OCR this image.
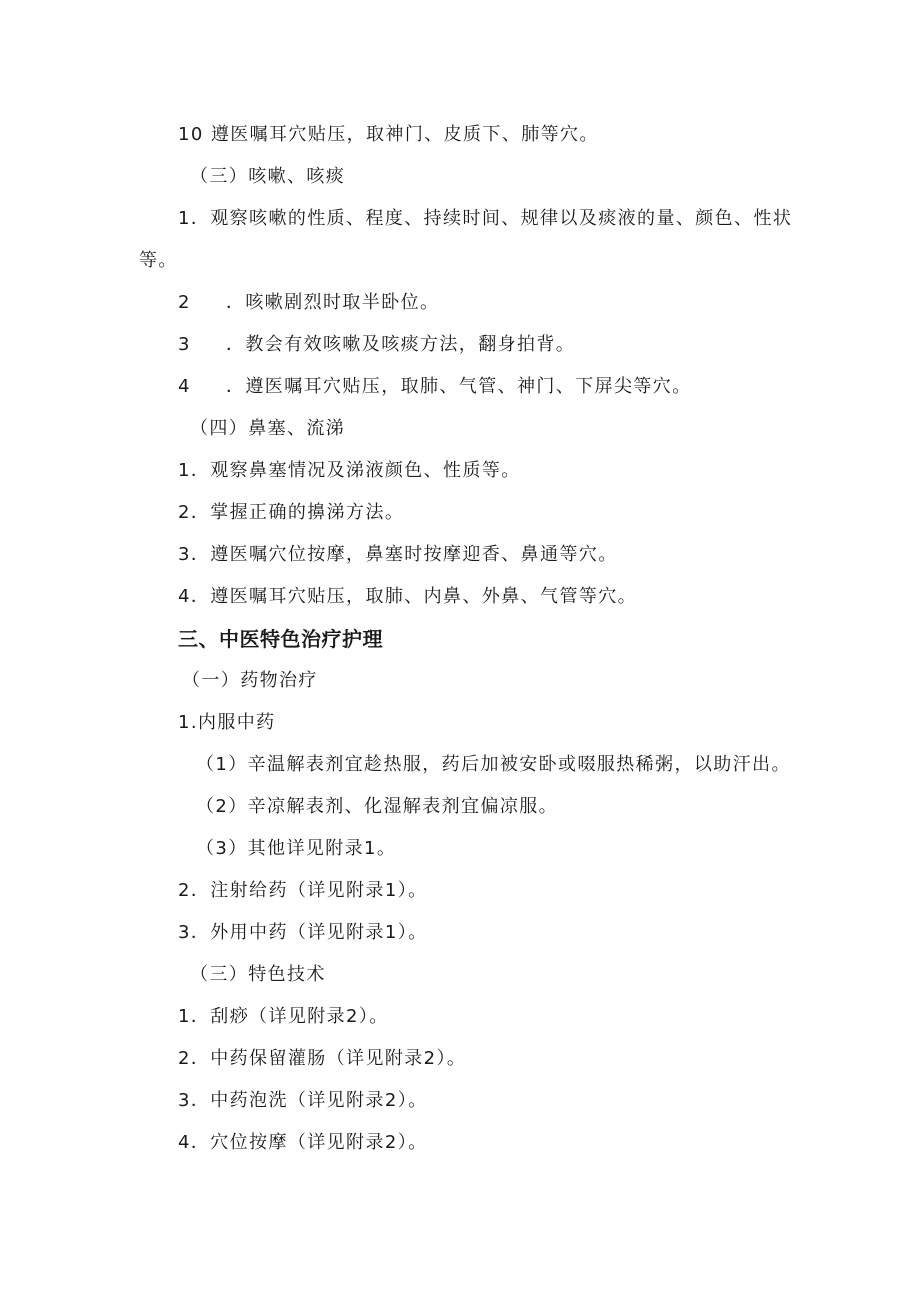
10 遵医嘱耳穴贴压，取神门、皮质下、肺等穴。
（三）咳嗽、咳痰
1．观察咳嗽的性质、程度、持续时间、规律以及痰液的量、颜色、性状
等。
2 ．咳嗽剧烈时取半卧位。
3 ．教会有效咳嗽及咳痰方法，翻身拍背。
4 ．遵医嘱耳穴贴压，取肺、气管、神门、下屏尖等穴。
（四）鼻塞、流涕
1．观察鼻塞情况及涕液颜色、性质等。
2．掌握正确的擤涕方法。
3．遵医嘱穴位按摩，鼻塞时按摩迎香、鼻通等穴。
4．遵医嘱耳穴贴压，取肺、内鼻、外鼻、气管等穴。
三、中医特色治疗护理
（一）药物治疗
1.内服中药
（1）辛温解表剂宜趁热服，药后加被安卧或啜服热稀粥，以助汗出。
（2）辛凉解表剂、化湿解表剂宜偏凉服。
（3）其他详见附录1。
2．注射给药（详见附录1）。
3．外用中药（详见附录1）。
（三）特色技术
1．刮痧（详见附录2）。
2．中药保留灌肠（详见附录2）。
3．中药泡洗（详见附录2）。
4．穴位按摩（详见附录2）。
